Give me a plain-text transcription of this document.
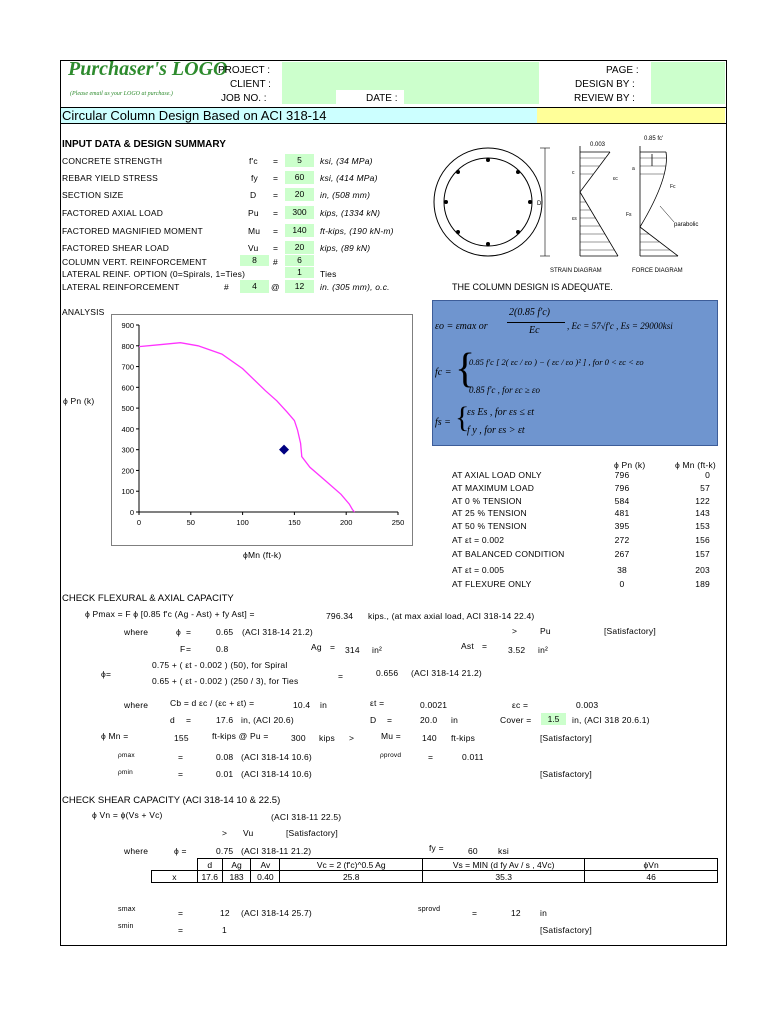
Purchaser's LOGO
(Please email us your LOGO at purchase.)
PROJECT :
CLIENT :
JOB NO. :	DATE :
PAGE :
DESIGN BY :
REVIEW BY :
Circular Column Design Based on ACI 318-14
INPUT DATA & DESIGN SUMMARY
CONCRETE STRENGTH	f'c =	5	ksi, (34 MPa)
REBAR YIELD STRESS	fy =	60	ksi, (414 MPa)
SECTION SIZE	D =	20	in, (508 mm)
FACTORED AXIAL LOAD	Pu =	300	kips, (1334 kN)
FACTORED MAGNIFIED MOMENT	Mu =	140	ft-kips, (190 kN-m)
FACTORED SHEAR LOAD	Vu =	20	kips, (89 kN)
COLUMN VERT. REINFORCEMENT	8	#	6
LATERAL REINF. OPTION (0=Spirals, 1=Ties)	1	Ties
LATERAL REINFORCEMENT	#	4	@	12	in. (305 mm), o.c.
D
0.003
c
εs
εc
0.85 fc'
a
Fc
Fs
parabolic
STRAIN DIAGRAM	FORCE DIAGRAM
THE COLUMN DESIGN IS ADEQUATE.
ANALYSIS
0
100
200
300
400
500
600
700
800
900
0	50	100	150	200	250
ϕ Pn (k)
ϕMn (ft-k)
εo = εmax or
2(0.85 f'c)
Ec	, Ec = 57√f'c , Es = 29000ksi
fc = {
0.85 f'c [ 2( εc / εo ) − ( εc / εo )² ] , for 0 < εc < εo
0.85 f'c , for εc ≥ εo
fs = {
εs Es , for εs ≤ εt
f y , for εs > εt
ϕ Pn (k)	ϕ Mn (ft-k)
AT AXIAL LOAD ONLY	796	0
AT MAXIMUM LOAD	796	57
AT 0 % TENSION	584	122
AT 25 % TENSION	481	143
AT 50 % TENSION	395	153
AT εt = 0.002	272	156
AT BALANCED CONDITION	267	157
AT εt = 0.005	38	203
AT FLEXURE ONLY	0	189
CHECK FLEXURAL & AXIAL CAPACITY
ϕ Pmax = F ϕ [0.85 f'c (Ag - Ast) + fy Ast] =	796.34 kips., (at max axial load, ACI 318-14 22.4)
>	Pu	[Satisfactory]
where	ϕ =	0.65 (ACI 318-14 21.2)
F =	0.8	Ag = 314 in²	Ast = 3.52 in²
0.75 + ( εt - 0.002 ) (50), for Spiral
ϕ=
0.65 + ( εt - 0.002 ) (250 / 3), for Ties	=	0.656 (ACI 318-14 21.2)
where	Cb = d εc / (εc + εt) =	10.4 in	εt =	0.0021	εc =	0.003
d =	17.6 in, (ACI 20.6)	D =	20.0 in	Cover =	1.5	in, (ACI 318 20.6.1)
ϕ Mn =	155	ft-kips @ Pu =	300 kips >	Mu = 140 ft-kips	[Satisfactory]
ρmax	=	0.08 (ACI 318-14 10.6)	ρprovd	=	0.011
ρmin	=	0.01 (ACI 318-14 10.6)	[Satisfactory]
CHECK SHEAR CAPACITY (ACI 318-14 10 & 22.5)
ϕ Vn = ϕ(Vs + Vc)	(ACI 318-11 22.5)
> Vu	[Satisfactory]
where	ϕ =	0.75 (ACI 318-11 21.2)	fy =	60 ksi
	d	Ag	Av	Vc = 2 (f'c)^0.5 Ag	Vs = MIN (d fy Av / s , 4Vc)	ϕVn
x	17.6	183	0.40	25.8	35.3	46
smax	=	12 (ACI 318-14 25.7)	sprovd	=	12 in
smin	=	1	[Satisfactory]
